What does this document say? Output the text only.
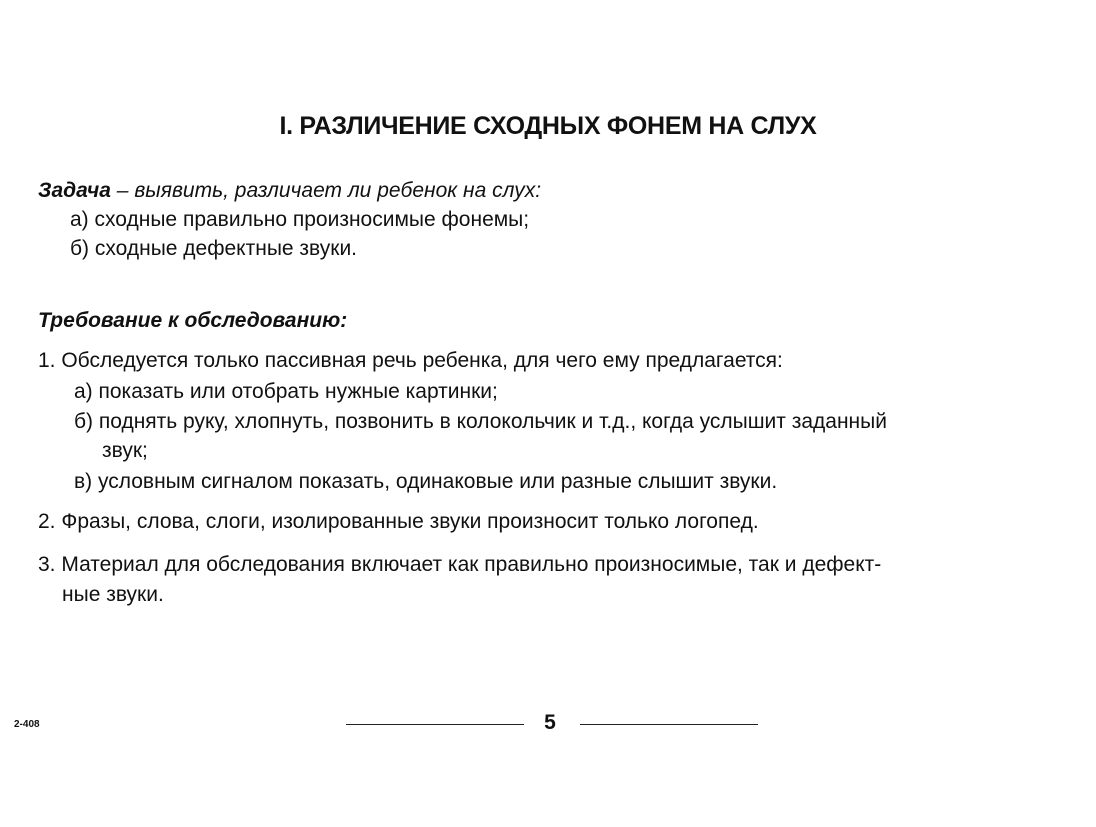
I. РАЗЛИЧЕНИЕ СХОДНЫХ ФОНЕМ НА СЛУХ
Задача – выявить, различает ли ребенок на слух:
а) сходные правильно произносимые фонемы;
б) сходные дефектные звуки.
Требование к обследованию:
1. Обследуется только пассивная речь ребенка, для чего ему предлагается:
а) показать или отобрать нужные картинки;
б) поднять руку, хлопнуть, позвонить в колокольчик и т.д., когда услышит заданный
звук;
в) условным сигналом показать, одинаковые или разные слышит звуки.
2. Фразы, слова, слоги, изолированные звуки произносит только логопед.
3. Материал для обследования включает как правильно произносимые, так и дефект-
ные звуки.
2-408	5
